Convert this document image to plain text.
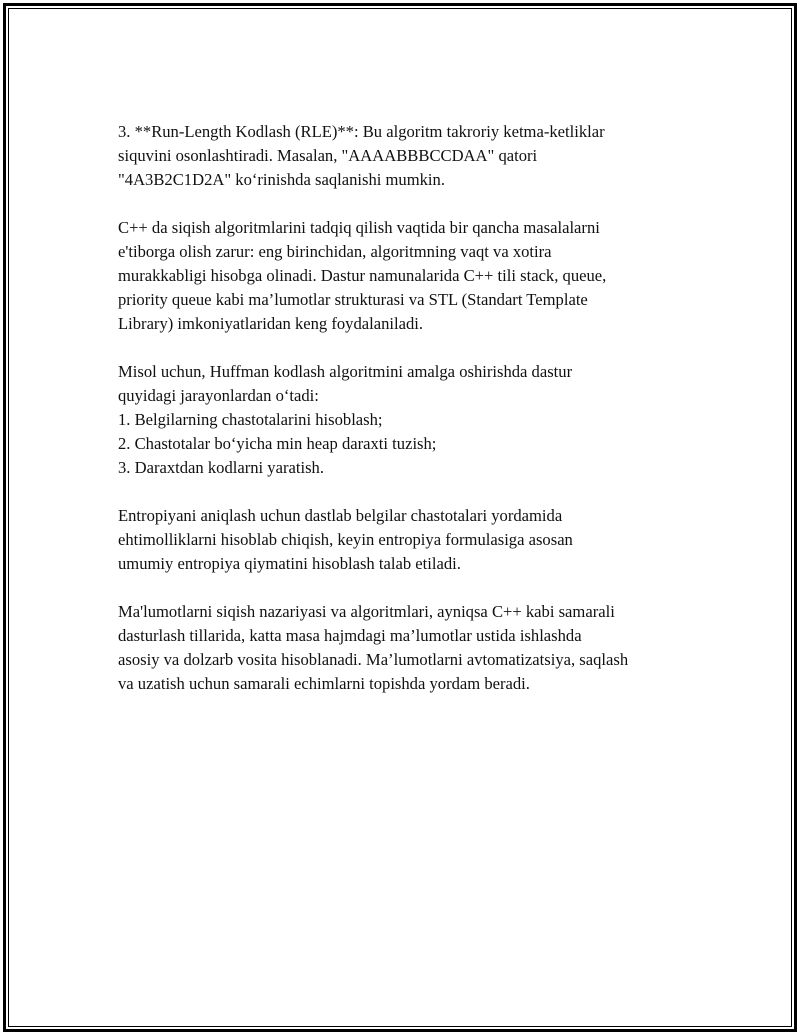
3. **Run-Length Kodlash (RLE)**: Bu algoritm takroriy ketma-ketliklar
siquvini osonlashtiradi. Masalan, "AAAABBBCCDAA" qatori
"4A3B2C1D2A" ko‘rinishda saqlanishi mumkin.
C++ da siqish algoritmlarini tadqiq qilish vaqtida bir qancha masalalarni
e'tiborga olish zarur: eng birinchidan, algoritmning vaqt va xotira
murakkabligi hisobga olinadi. Dastur namunalarida C++ tili stack, queue,
priority queue kabi ma’lumotlar strukturasi va STL (Standart Template
Library) imkoniyatlaridan keng foydalaniladi.
Misol uchun, Huffman kodlash algoritmini amalga oshirishda dastur
quyidagi jarayonlardan o‘tadi:
1. Belgilarning chastotalarini hisoblash;
2. Chastotalar bo‘yicha min heap daraxti tuzish;
3. Daraxtdan kodlarni yaratish.
Entropiyani aniqlash uchun dastlab belgilar chastotalari yordamida
ehtimolliklarni hisoblab chiqish, keyin entropiya formulasiga asosan
umumiy entropiya qiymatini hisoblash talab etiladi.
Ma'lumotlarni siqish nazariyasi va algoritmlari, ayniqsa C++ kabi samarali
dasturlash tillarida, katta masa hajmdagi ma’lumotlar ustida ishlashda
asosiy va dolzarb vosita hisoblanadi. Ma’lumotlarni avtomatizatsiya, saqlash
va uzatish uchun samarali echimlarni topishda yordam beradi.
